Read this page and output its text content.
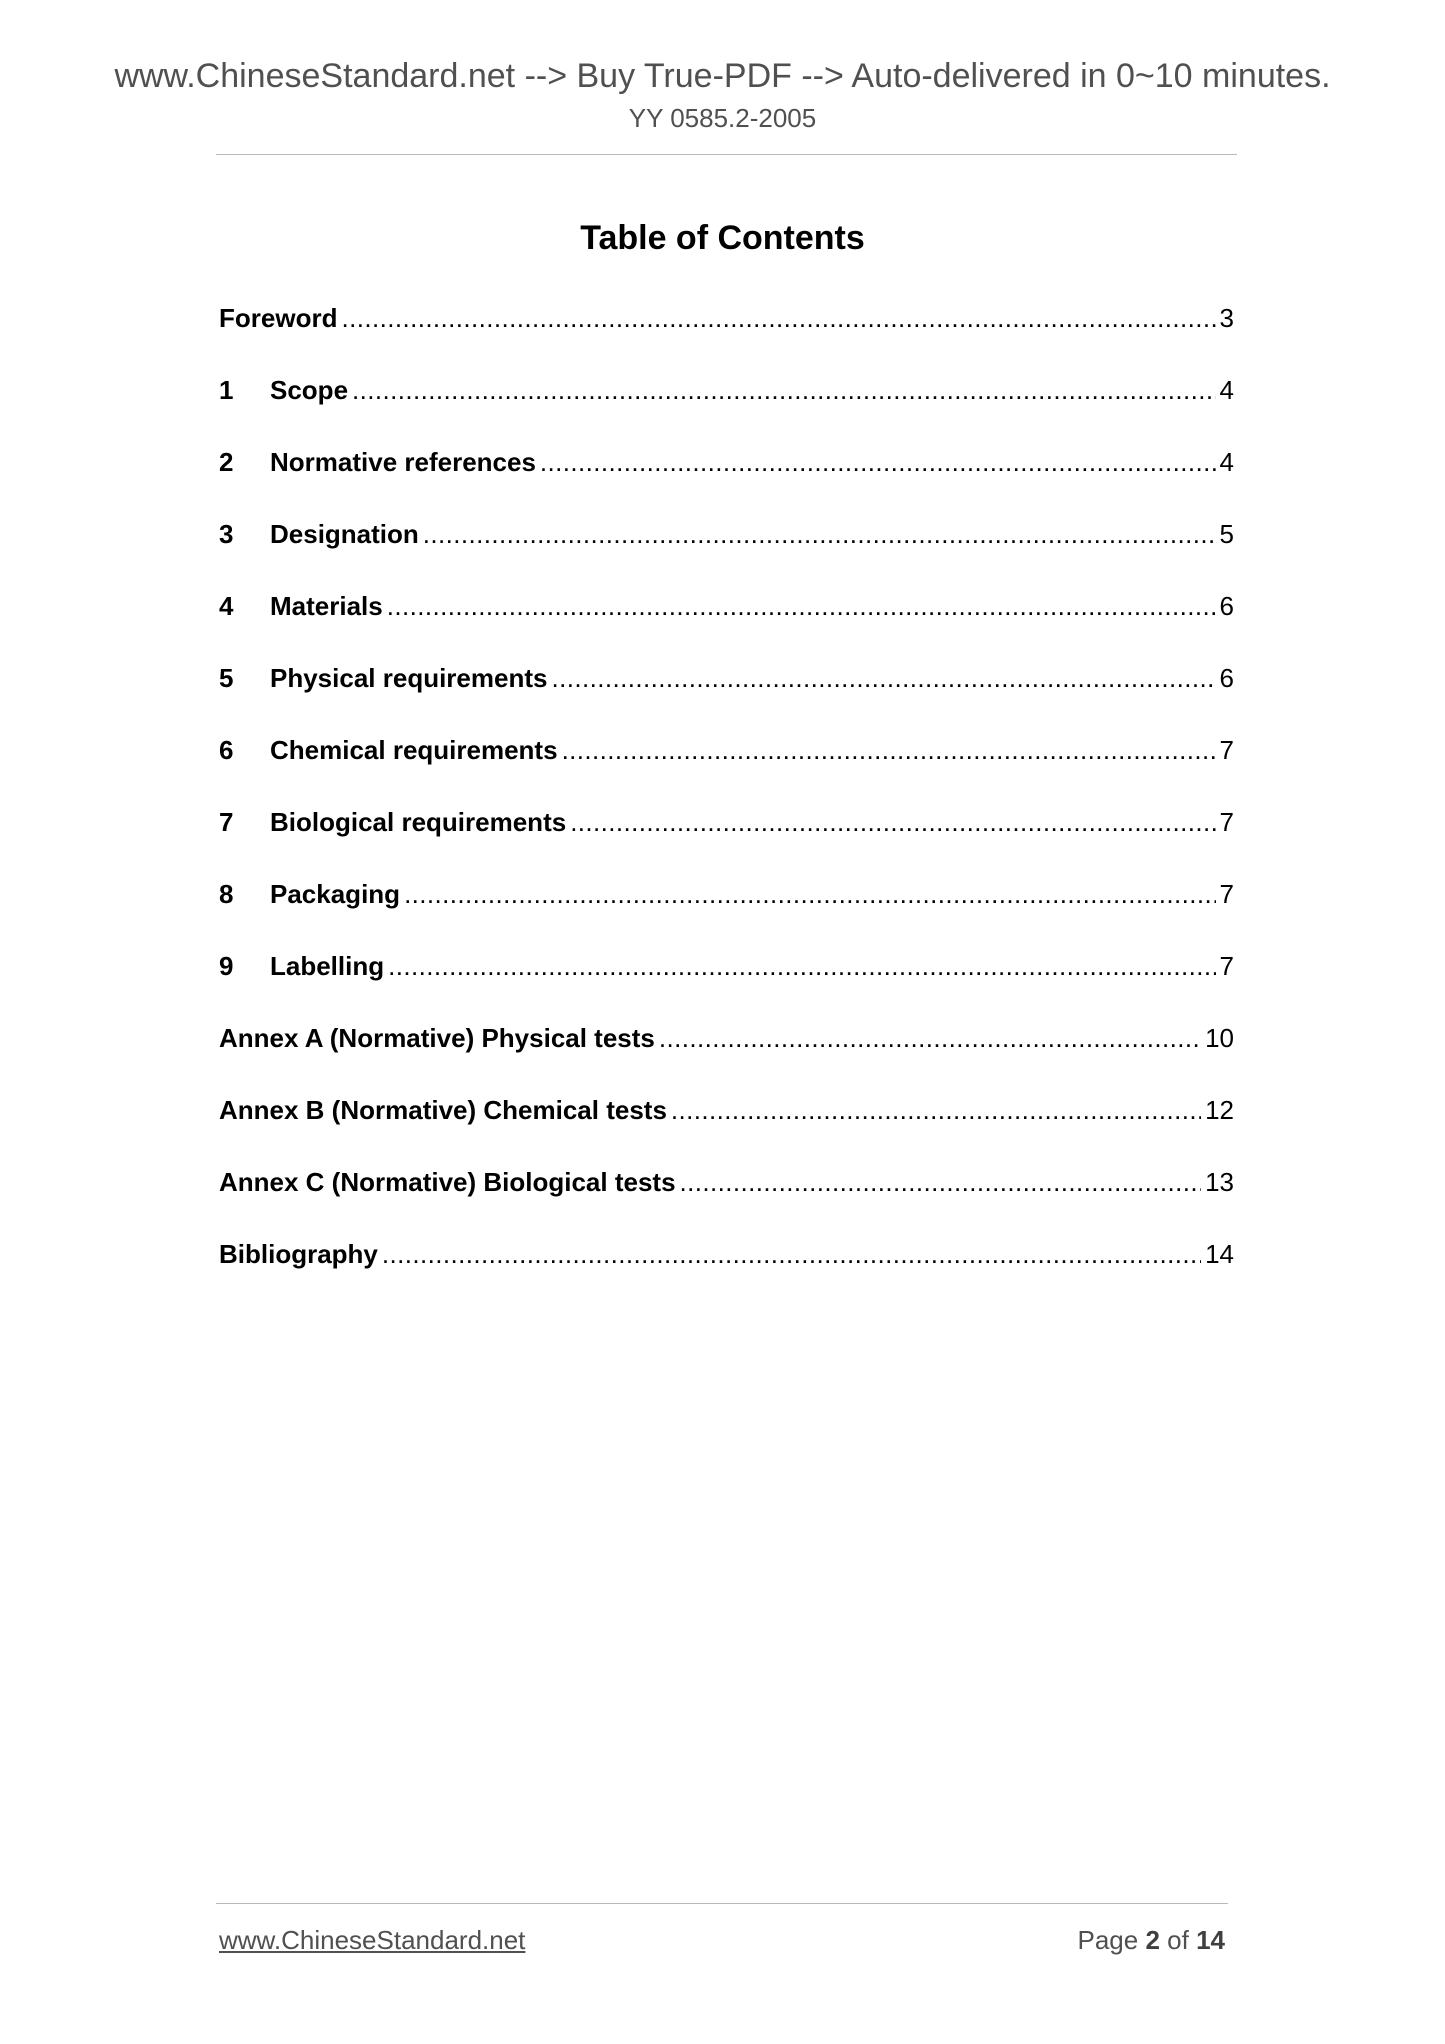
www.ChineseStandard.net --> Buy True-PDF --> Auto-delivered in 0~10 minutes.
YY 0585.2-2005
Table of Contents
Foreword .....	3
1	Scope .....	4
2	Normative references .....	4
3	Designation .....	5
4	Materials .....	6
5	Physical requirements .....	6
6	Chemical requirements .....	7
7	Biological requirements .....	7
8	Packaging .....	7
9	Labelling .....	7
Annex A (Normative) Physical tests .....	10
Annex B (Normative) Chemical tests .....	12
Annex C (Normative) Biological tests .....	13
Bibliography .....	14
www.ChineseStandard.net	Page 2 of 14
